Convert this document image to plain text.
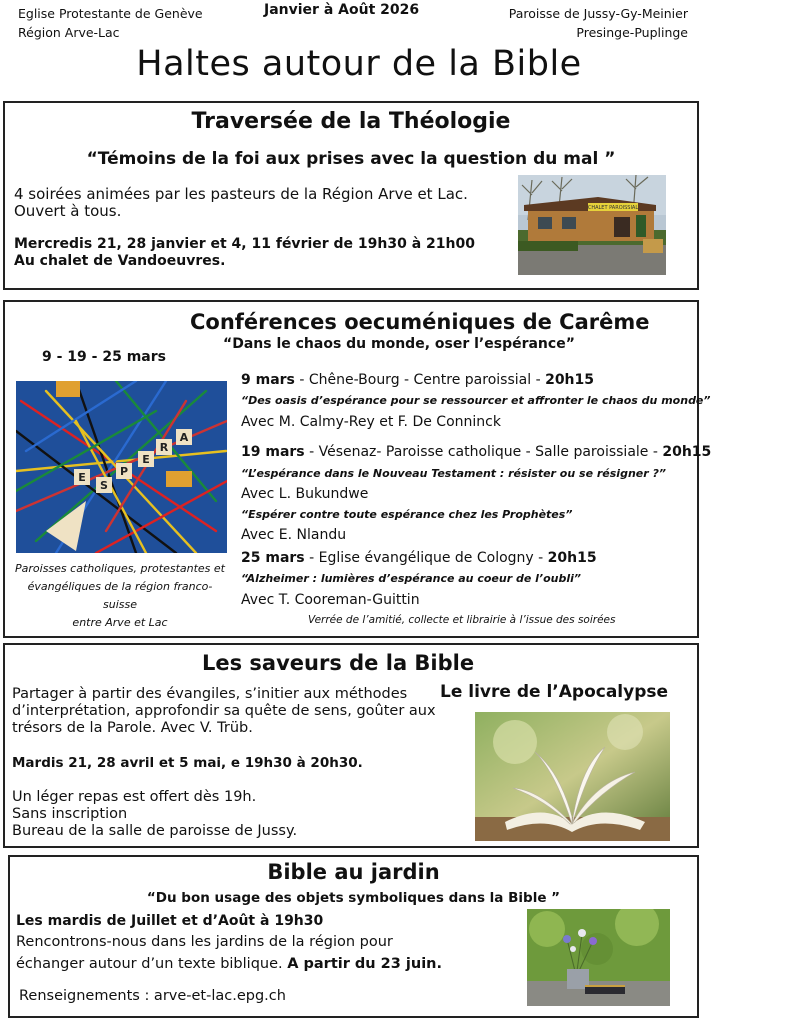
Eglise Protestante de Genève
Région Arve-Lac
Janvier à Août 2026	Paroisse de Jussy-Gy-Meinier
Presinge-Puplinge
Haltes autour de la Bible
Traversée de la Théologie
“Témoins de la foi aux prises avec la question du mal ”
4 soirées animées par les pasteurs de la Région Arve et Lac.
Ouvert à tous.
Mercredis 21, 28 janvier et 4, 11 février de 19h30 à 21h00
Au chalet de Vandoeuvres.
CHALET PAROISSIAL
Conférences oecuméniques de Carême
“Dans le chaos du monde, oser l’espérance”
9 - 19 - 25 mars
E
S
P
E
R
A
Paroisses catholiques, protestantes et
évangéliques de la région franco-suisse
entre Arve et Lac
9 mars - Chêne-Bourg - Centre paroissial - 20h15
“Des oasis d’espérance pour se ressourcer et affronter le chaos du monde”
Avec M. Calmy-Rey et F. De Conninck
19 mars - Vésenaz- Paroisse catholique - Salle paroissiale - 20h15
“L’espérance dans le Nouveau Testament : résister ou se résigner ?”
Avec L. Bukundwe
“Espérer contre toute espérance chez les Prophètes”
Avec E. Nlandu
25 mars - Eglise évangélique de Cologny - 20h15
“Alzheimer : lumières d’espérance au coeur de l’oubli”
Avec T. Cooreman-Guittin
Verrée de l’amitié, collecte et librairie à l’issue des soirées
Les saveurs de la Bible
Le livre de l’Apocalypse
Partager à partir des évangiles, s’initier aux méthodes
d’interprétation, approfondir sa quête de sens, goûter aux
trésors de la Parole. Avec V. Trüb.
Mardis 21, 28 avril et 5 mai, e 19h30 à 20h30.
Un léger repas est offert dès 19h.
Sans inscription
Bureau de la salle de paroisse de Jussy.
Bible au jardin
“Du bon usage des objets symboliques dans la Bible ”
Les mardis de Juillet et d’Août à 19h30
Rencontrons-nous dans les jardins de la région pour
échanger autour d’un texte biblique. A partir du 23 juin.
Renseignements : arve-et-lac.epg.ch
